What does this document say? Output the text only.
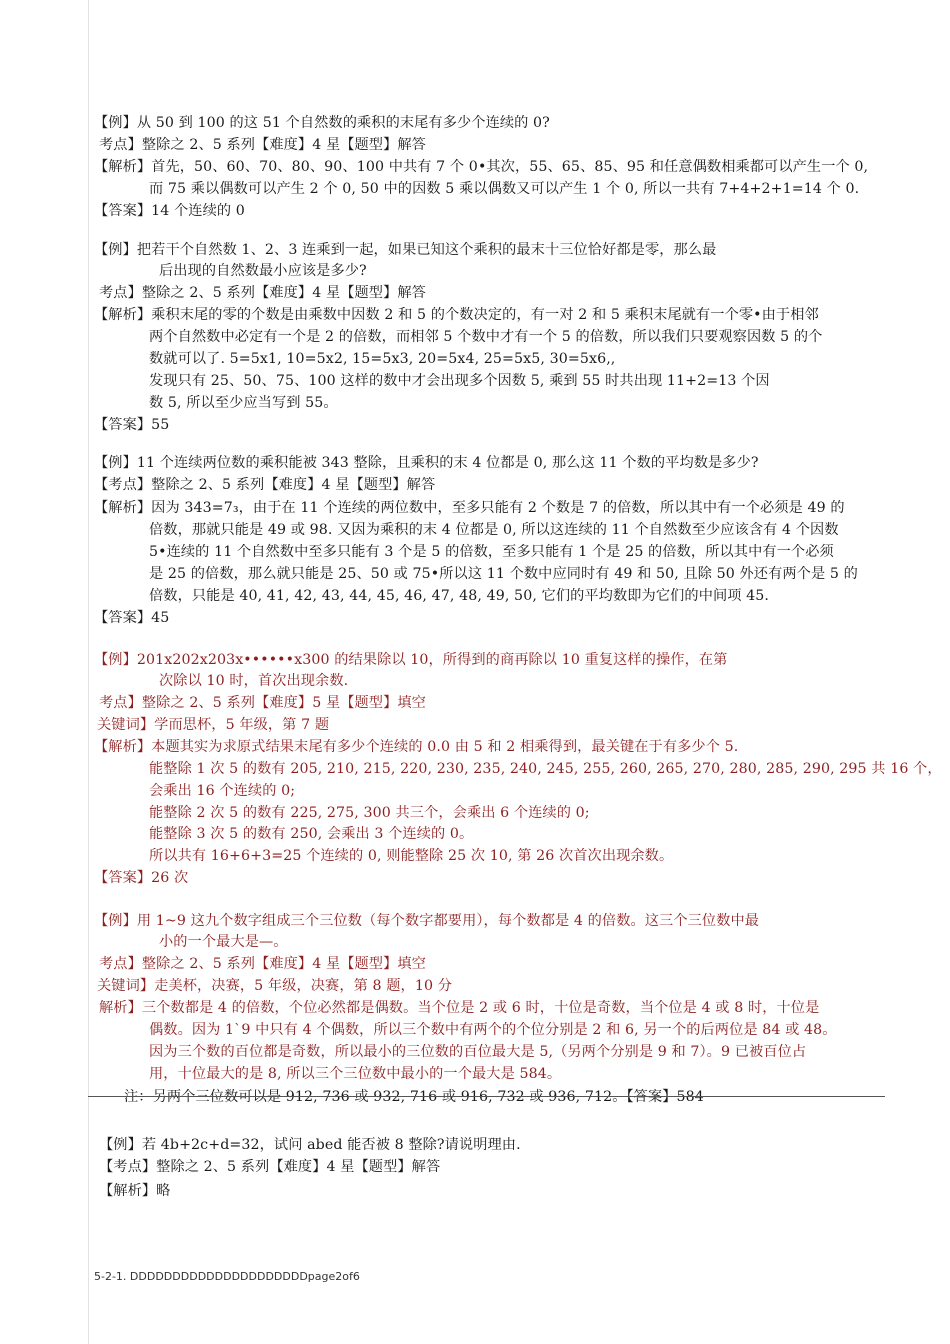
【例】从 50 到 100 的这 51 个自然数的乘积的末尾有多少个连续的 0?
考点】整除之 2、5 系列【难度】4 星【题型】解答
【解析】首先，50、60、70、80、90、100 中共有 7 个 0•其次，55、65、85、95 和任意偶数相乘都可以产生一个 0,
而 75 乘以偶数可以产生 2 个 0, 50 中的因数 5 乘以偶数又可以产生 1 个 0, 所以一共有 7+4+2+1=14 个 0.
【答案】14 个连续的 0
【例】把若干个自然数 1、2、3 连乘到一起，如果已知这个乘积的最末十三位恰好都是零，那么最
后出现的自然数最小应该是多少?
考点】整除之 2、5 系列【难度】4 星【题型】解答
【解析】乘积末尾的零的个数是由乘数中因数 2 和 5 的个数决定的，有一对 2 和 5 乘积末尾就有一个零•由于相邻
两个自然数中必定有一个是 2 的倍数，而相邻 5 个数中才有一个 5 的倍数，所以我们只要观察因数 5 的个
数就可以了. 5=5x1, 10=5x2, 15=5x3, 20=5x4, 25=5x5, 30=5x6,,
发现只有 25、50、75、100 这样的数中才会出现多个因数 5, 乘到 55 时共出现 11+2=13 个因
数 5, 所以至少应当写到 55。
【答案】55
【例】11 个连续两位数的乘积能被 343 整除，且乘积的末 4 位都是 0, 那么这 11 个数的平均数是多少?
【考点】整除之 2、5 系列【难度】4 星【题型】解答
【解析】因为 343=7₃，由于在 11 个连续的两位数中，至多只能有 2 个数是 7 的倍数，所以其中有一个必须是 49 的
倍数，那就只能是 49 或 98. 又因为乘积的末 4 位都是 0, 所以这连续的 11 个自然数至少应该含有 4 个因数
5•连续的 11 个自然数中至多只能有 3 个是 5 的倍数，至多只能有 1 个是 25 的倍数，所以其中有一个必须
是 25 的倍数，那么就只能是 25、50 或 75•所以这 11 个数中应同时有 49 和 50, 且除 50 外还有两个是 5 的
倍数，只能是 40, 41, 42, 43, 44, 45, 46, 47, 48, 49, 50, 它们的平均数即为它们的中间项 45.
【答案】45
【例】201x202x203x••••••x300 的结果除以 10，所得到的商再除以 10 重复这样的操作，在第
次除以 10 时，首次出现余数.
考点】整除之 2、5 系列【难度】5 星【题型】填空
关键词】学而思杯，5 年级，第 7 题
【解析】本题其实为求原式结果末尾有多少个连续的 0.0 由 5 和 2 相乘得到，最关键在于有多少个 5.
能整除 1 次 5 的数有 205, 210, 215, 220, 230, 235, 240, 245, 255, 260, 265, 270, 280, 285, 290, 295 共 16 个，
会乘出 16 个连续的 0;
能整除 2 次 5 的数有 225, 275, 300 共三个，会乘出 6 个连续的 0;
能整除 3 次 5 的数有 250, 会乘出 3 个连续的 0。
所以共有 16+6+3=25 个连续的 0, 则能整除 25 次 10, 第 26 次首次出现余数。
【答案】26 次
【例】用 1~9 这九个数字组成三个三位数（每个数字都要用），每个数都是 4 的倍数。这三个三位数中最
小的一个最大是—。
考点】整除之 2、5 系列【难度】4 星【题型】填空
关键词】走美杯，决赛，5 年级，决赛，第 8 题，10 分
解析】三个数都是 4 的倍数，个位必然都是偶数。当个位是 2 或 6 时，十位是奇数，当个位是 4 或 8 时，十位是
偶数。因为 1`9 中只有 4 个偶数，所以三个数中有两个的个位分别是 2 和 6, 另一个的后两位是 84 或 48。
因为三个数的百位都是奇数，所以最小的三位数的百位最大是 5,（另两个分别是 9 和 7）。9 已被百位占
用，十位最大的是 8, 所以三个三位数中最小的一个最大是 584。
注：另两个三位数可以是 912, 736 或 932, 716 或 916, 732 或 936, 712。【答案】584
【例】若 4b+2c+d=32，试问 abed 能否被 8 整除?请说明理由.
【考点】整除之 2、5 系列【难度】4 星【题型】解答
【解析】略
5-2-1. DDDDDDDDDDDDDDDDDDDDDpage2of6
